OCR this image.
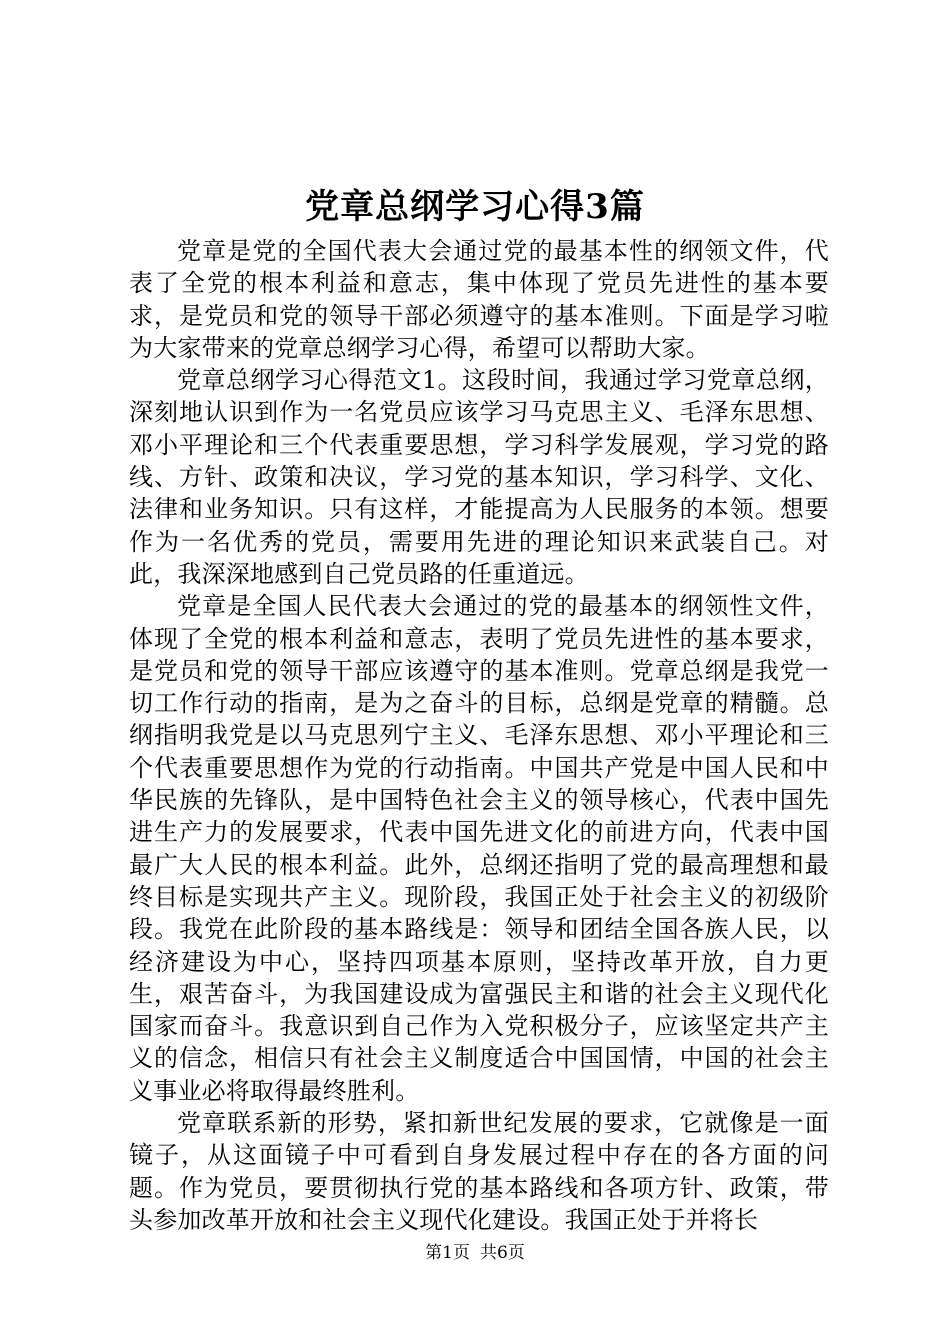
党章总纲学习心得3篇

党章是党的全国代表大会通过党的最基本性的纲领文件，代表了全党的根本利益和意志，集中体现了党员先进性的基本要求，是党员和党的领导干部必须遵守的基本准则。下面是学习啦为大家带来的党章总纲学习心得，希望可以帮助大家。

党章总纲学习心得范文1。这段时间，我通过学习党章总纲，深刻地认识到作为一名党员应该学习马克思主义、毛泽东思想、邓小平理论和三个代表重要思想，学习科学发展观，学习党的路线、方针、政策和决议，学习党的基本知识，学习科学、文化、法律和业务知识。只有这样，才能提高为人民服务的本领。想要作为一名优秀的党员，需要用先进的理论知识来武装自己。对此，我深深地感到自己党员路的任重道远。

党章是全国人民代表大会通过的党的最基本的纲领性文件，体现了全党的根本利益和意志，表明了党员先进性的基本要求，是党员和党的领导干部应该遵守的基本准则。党章总纲是我党一切工作行动的指南，是为之奋斗的目标，总纲是党章的精髓。总纲指明我党是以马克思列宁主义、毛泽东思想、邓小平理论和三个代表重要思想作为党的行动指南。中国共产党是中国人民和中华民族的先锋队，是中国特色社会主义的领导核心，代表中国先进生产力的发展要求，代表中国先进文化的前进方向，代表中国最广大人民的根本利益。此外，总纲还指明了党的最高理想和最终目标是实现共产主义。现阶段，我国正处于社会主义的初级阶段。我党在此阶段的基本路线是：领导和团结全国各族人民，以经济建设为中心，坚持四项基本原则，坚持改革开放，自力更生，艰苦奋斗，为我国建设成为富强民主和谐的社会主义现代化国家而奋斗。我意识到自己作为入党积极分子，应该坚定共产主义的信念，相信只有社会主义制度适合中国国情，中国的社会主义事业必将取得最终胜利。

党章联系新的形势，紧扣新世纪发展的要求，它就像是一面镜子，从这面镜子中可看到自身发展过程中存在的各方面的问题。作为党员，要贯彻执行党的基本路线和各项方针、政策，带头参加改革开放和社会主义现代化建设。我国正处于并将长

第1页 共6页
